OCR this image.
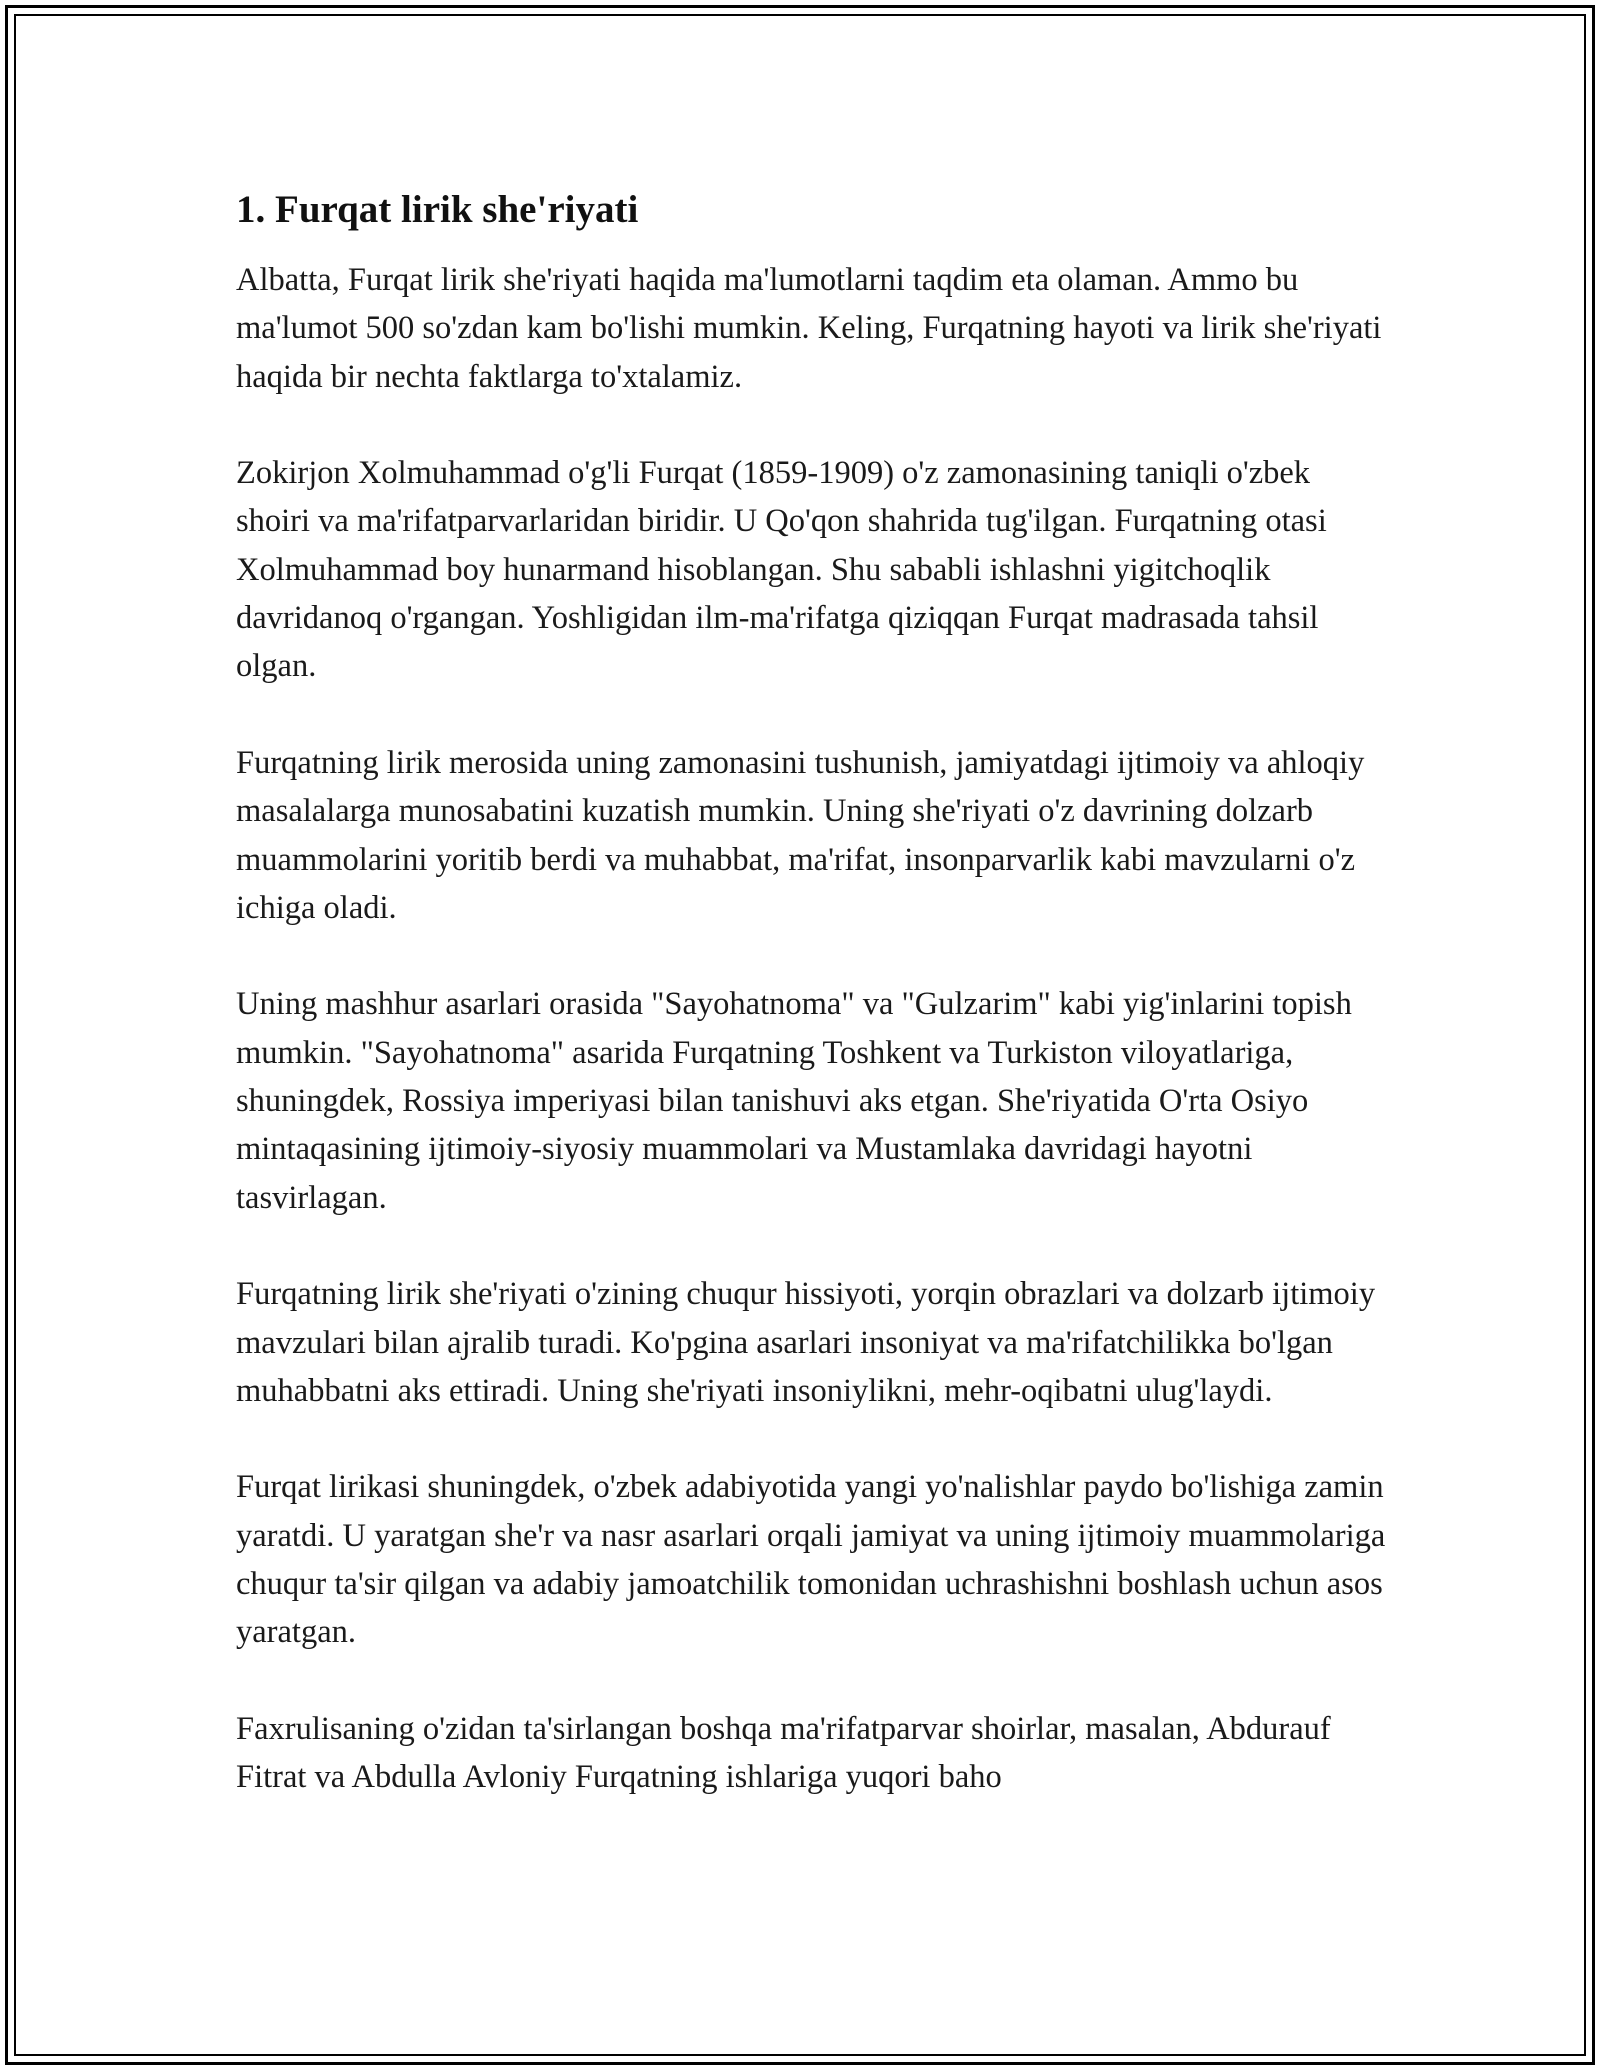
1. Furqat lirik she'riyati

Albatta, Furqat lirik she'riyati haqida ma'lumotlarni taqdim eta olaman. Ammo bu ma'lumot 500 so'zdan kam bo'lishi mumkin. Keling, Furqatning hayoti va lirik she'riyati haqida bir nechta faktlarga to'xtalamiz.

Zokirjon Xolmuhammad o'g'li Furqat (1859-1909) o'z zamonasining taniqli o'zbek shoiri va ma'rifatparvarlaridan biridir. U Qo'qon shahrida tug'ilgan. Furqatning otasi Xolmuhammad boy hunarmand hisoblangan. Shu sababli ishlashni yigitchoqlik davridanoq o'rgangan. Yoshligidan ilm-ma'rifatga qiziqqan Furqat madrasada tahsil olgan.

Furqatning lirik merosida uning zamonasini tushunish, jamiyatdagi ijtimoiy va ahloqiy masalalarga munosabatini kuzatish mumkin. Uning she'riyati o'z davrining dolzarb muammolarini yoritib berdi va muhabbat, ma'rifat, insonparvarlik kabi mavzularni o'z ichiga oladi.

Uning mashhur asarlari orasida "Sayohatnoma" va "Gulzarim" kabi yig'inlarini topish mumkin. "Sayohatnoma" asarida Furqatning Toshkent va Turkiston viloyatlariga, shuningdek, Rossiya imperiyasi bilan tanishuvi aks etgan. She'riyatida O'rta Osiyo mintaqasining ijtimoiy-siyosiy muammolari va Mustamlaka davridagi hayotni tasvirlagan.

Furqatning lirik she'riyati o'zining chuqur hissiyoti, yorqin obrazlari va dolzarb ijtimoiy mavzulari bilan ajralib turadi. Ko'pgina asarlari insoniyat va ma'rifatchilikka bo'lgan muhabbatni aks ettiradi. Uning she'riyati insoniylikni, mehr-oqibatni ulug'laydi.

Furqat lirikasi shuningdek, o'zbek adabiyotida yangi yo'nalishlar paydo bo'lishiga zamin yaratdi. U yaratgan she'r va nasr asarlari orqali jamiyat va uning ijtimoiy muammolariga chuqur ta'sir qilgan va adabiy jamoatchilik tomonidan uchrashishni boshlash uchun asos yaratgan.

Faxrulisaning o'zidan ta'sirlangan boshqa ma'rifatparvar shoirlar, masalan, Abdurauf Fitrat va Abdulla Avloniy Furqatning ishlariga yuqori baho
